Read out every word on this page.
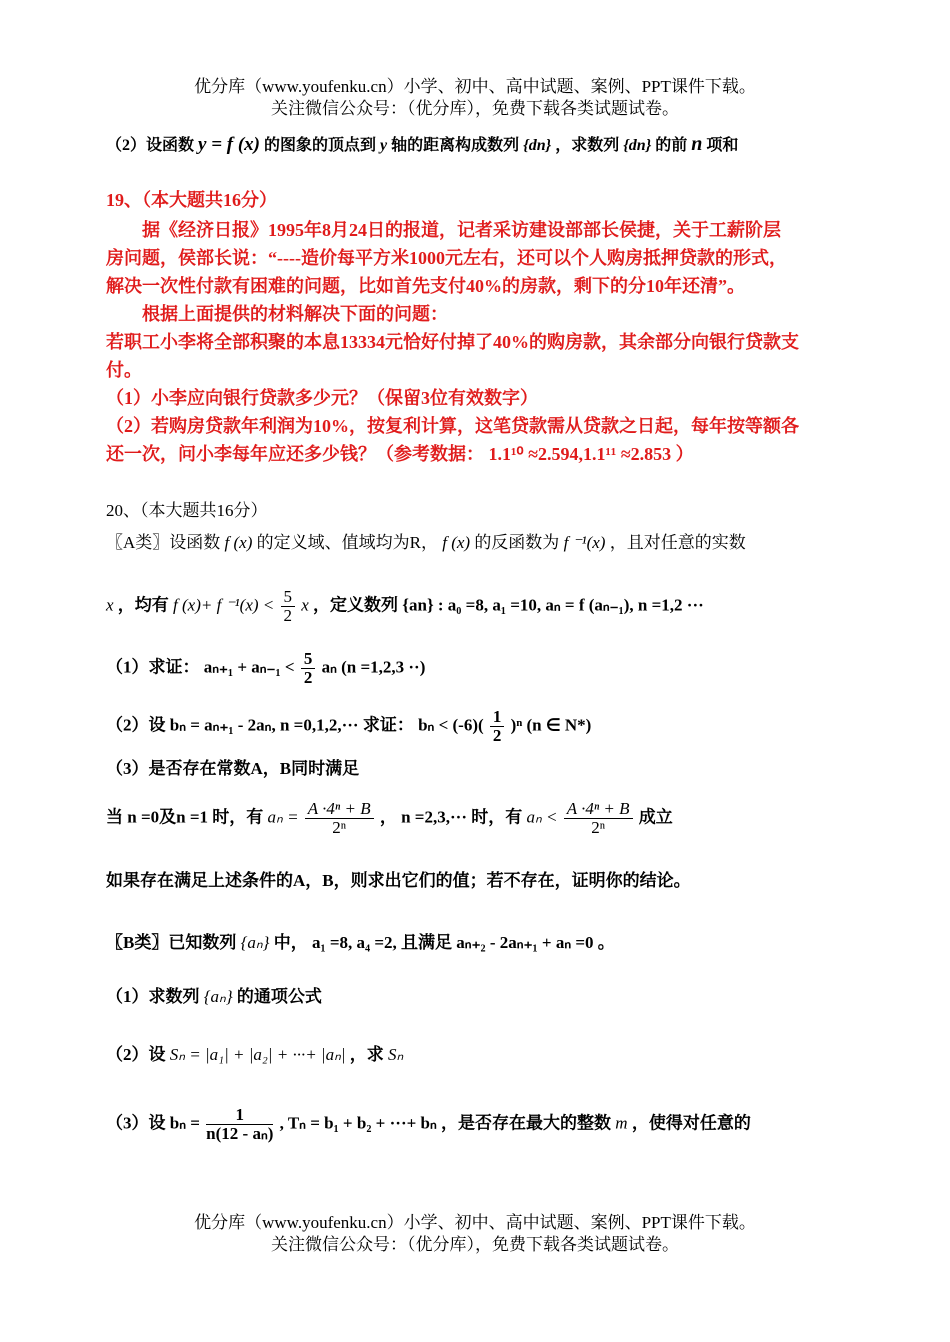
优分库（www.youfenku.cn）小学、初中、高中试题、案例、PPT课件下载。
关注微信公众号：（优分库），免费下载各类试题试卷。
（2）设函数 y = f (x) 的图象的顶点到 y 轴的距离构成数列 {dn} ，求数列 {dn} 的前 n 项和
19、（本大题共16分）
据《经济日报》1995年8月24日的报道，记者采访建设部部长侯捷，关于工薪阶层
房问题，侯部长说：“----造价每平方米1000元左右，还可以个人购房抵押贷款的形式，
解决一次性付款有困难的问题，比如首先支付40%的房款，剩下的分10年还清”。
根据上面提供的材料解决下面的问题：
若职工小李将全部积聚的本息13334元恰好付掉了40%的购房款，其余部分向银行贷款支
付。
（1）小李应向银行贷款多少元？（保留3位有效数字）
（2）若购房贷款年利润为10%，按复利计算，这笔贷款需从贷款之日起，每年按等额各
还一次，问小李每年应还多少钱？（参考数据： 1.1¹⁰ ≈2.594,1.1¹¹ ≈2.853 ）
20、（本大题共16分）
〖A类〗设函数 f (x) 的定义域、值域均为R， f (x) 的反函数为 f ⁻¹(x) ，且对任意的实数
x ，均有 f (x)+ f $^{-1}(x) < \frac{5}{2}$ x ，定义数列 {an} : a₀ =8, a₁ =10, aₙ = f (aₙ₋₁), n =1,2 ···
（1）求证： $a_{n+1} + a_{n-1} < \frac{5}{2}$ aₙ (n =1,2,3 ··)
（2）设 bₙ = aₙ₊₁ - 2aₙ, n =0,1,2,··· 求证： $b_n < (-6)( \frac{1}{2} )^n$ (n ∈ N*)
（3）是否存在常数A，B同时满足
当 n =0及n =1 时，有 $a_n = \frac{\text{A ·4ⁿ + B}}{\text{2ⁿ}}$ ， n =2,3,··· 时，有 $a_n < \frac{\text{A ·4ⁿ + B}}{\text{2ⁿ}}$ 成立
如果存在满足上述条件的A，B，则求出它们的值；若不存在，证明你的结论。
〖B类〗已知数列 {aₙ} 中， a₁ =8, a₄ =2, 且满足 aₙ₊₂ - 2aₙ₊₁ + aₙ =0 。
（1）求数列 {aₙ} 的通项公式
（2）设 Sₙ = |a₁| + |a₂| + ···+ |aₙ| ，求 Sₙ
（3）设 $b_n = \frac{1}{\text{n(12 - aₙ)}}$ , Tₙ = b₁ + b₂ + ···+ bₙ ，是否存在最大的整数 m ，使得对任意的
优分库（www.youfenku.cn）小学、初中、高中试题、案例、PPT课件下载。
关注微信公众号：（优分库），免费下载各类试题试卷。
